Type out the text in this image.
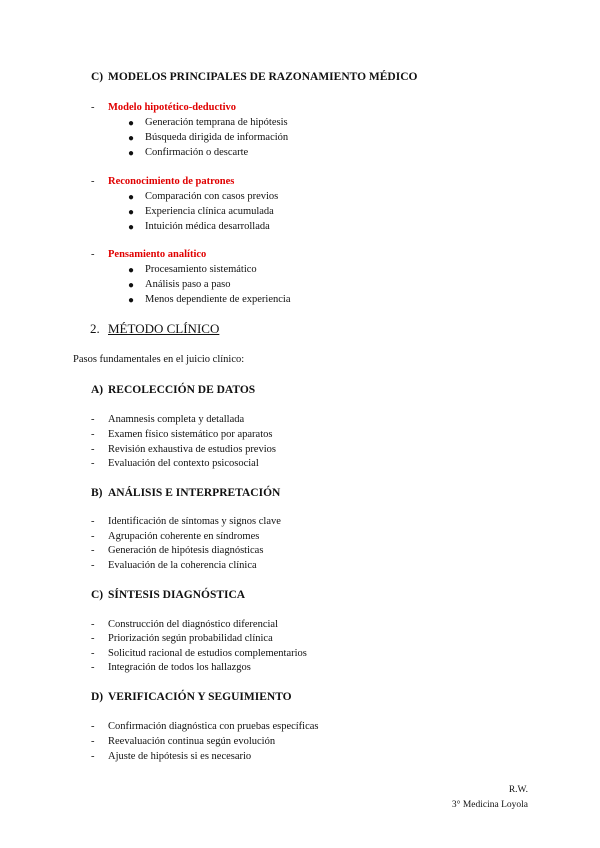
C) MODELOS PRINCIPALES DE RAZONAMIENTO MÉDICO
- Modelo hipotético-deductivo
● Generación temprana de hipótesis
● Búsqueda dirigida de información
● Confirmación o descarte
- Reconocimiento de patrones
● Comparación con casos previos
● Experiencia clínica acumulada
● Intuición médica desarrollada
- Pensamiento analítico
● Procesamiento sistemático
● Análisis paso a paso
● Menos dependiente de experiencia
2. MÉTODO CLÍNICO
Pasos fundamentales en el juicio clínico:
A) RECOLECCIÓN DE DATOS
- Anamnesis completa y detallada
- Examen físico sistemático por aparatos
- Revisión exhaustiva de estudios previos
- Evaluación del contexto psicosocial
B) ANÁLISIS E INTERPRETACIÓN
- Identificación de síntomas y signos clave
- Agrupación coherente en síndromes
- Generación de hipótesis diagnósticas
- Evaluación de la coherencia clínica
C) SÍNTESIS DIAGNÓSTICA
- Construcción del diagnóstico diferencial
- Priorización según probabilidad clínica
- Solicitud racional de estudios complementarios
- Integración de todos los hallazgos
D) VERIFICACIÓN Y SEGUIMIENTO
- Confirmación diagnóstica con pruebas específicas
- Reevaluación continua según evolución
- Ajuste de hipótesis si es necesario
R.W.
3° Medicina Loyola
